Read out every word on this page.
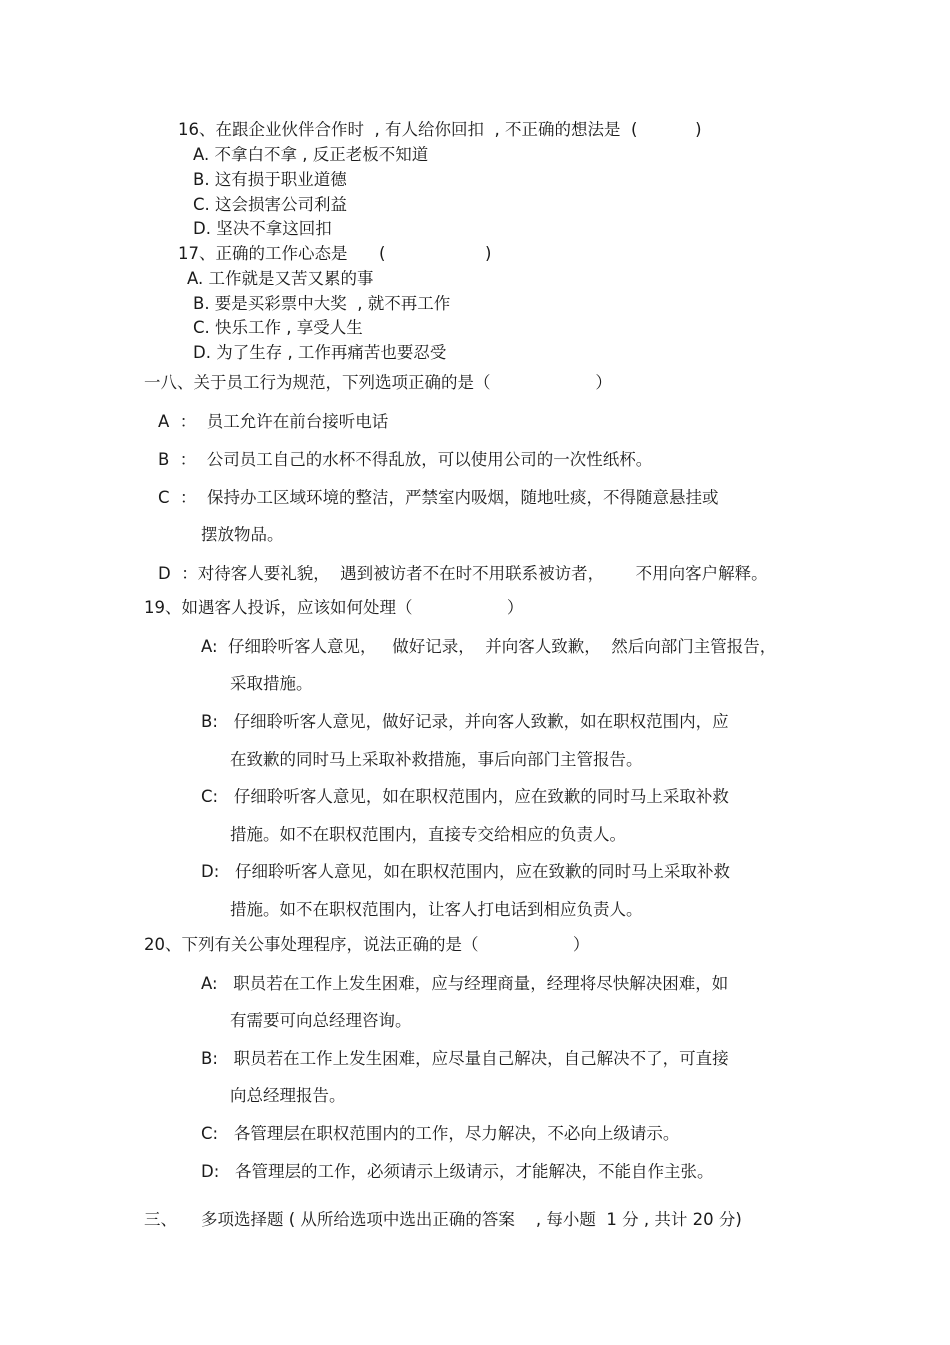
16、在跟企业伙伴合作时  , 有人给你回扣  , 不正确的想法是  (           )
A. 不拿白不拿 , 反正老板不知道
B. 这有损于职业道德
C. 这会损害公司利益
D. 坚决不拿这回扣
17、正确的工作心态是      (                   )
A. 工作就是又苦又累的事
B. 要是买彩票中大奖  , 就不再工作
C. 快乐工作 , 享受人生
D. 为了生存 , 工作再痛苦也要忍受
一八、关于员工行为规范，下列选项正确的是（                    ）
A  ：  员工允许在前台接听电话
B  ：  公司员工自己的水杯不得乱放，可以使用公司的一次性纸杯。
C  ：  保持办工区域环境的整洁，严禁室内吸烟，随地吐痰，不得随意悬挂或
摆放物品。
D  ：对待客人要礼貌，  遇到被访者不在时不用联系被访者，      不用向客户解释。
19、如遇客人投诉，应该如何处理（                  ）
A:  仔细聆听客人意见，   做好记录，  并向客人致歉，  然后向部门主管报告，
采取措施。
B:   仔细聆听客人意见，做好记录，并向客人致歉，如在职权范围内，应
在致歉的同时马上采取补救措施，事后向部门主管报告。
C:   仔细聆听客人意见，如在职权范围内，应在致歉的同时马上采取补救
措施。如不在职权范围内，直接专交给相应的负责人。
D:   仔细聆听客人意见，如在职权范围内，应在致歉的同时马上采取补救
措施。如不在职权范围内，让客人打电话到相应负责人。
20、下列有关公事处理程序，说法正确的是（                  ）
A:   职员若在工作上发生困难，应与经理商量，经理将尽快解决困难，如
有需要可向总经理咨询。
B:   职员若在工作上发生困难，应尽量自己解决，自己解决不了，可直接
向总经理报告。
C:   各管理层在职权范围内的工作，尽力解决，不必向上级请示。
D:   各管理层的工作，必须请示上级请示，才能解决，不能自作主张。
三、 多项选择题 ( 从所给选项中选出正确的答案    , 每小题  1 分 , 共计 20 分)
